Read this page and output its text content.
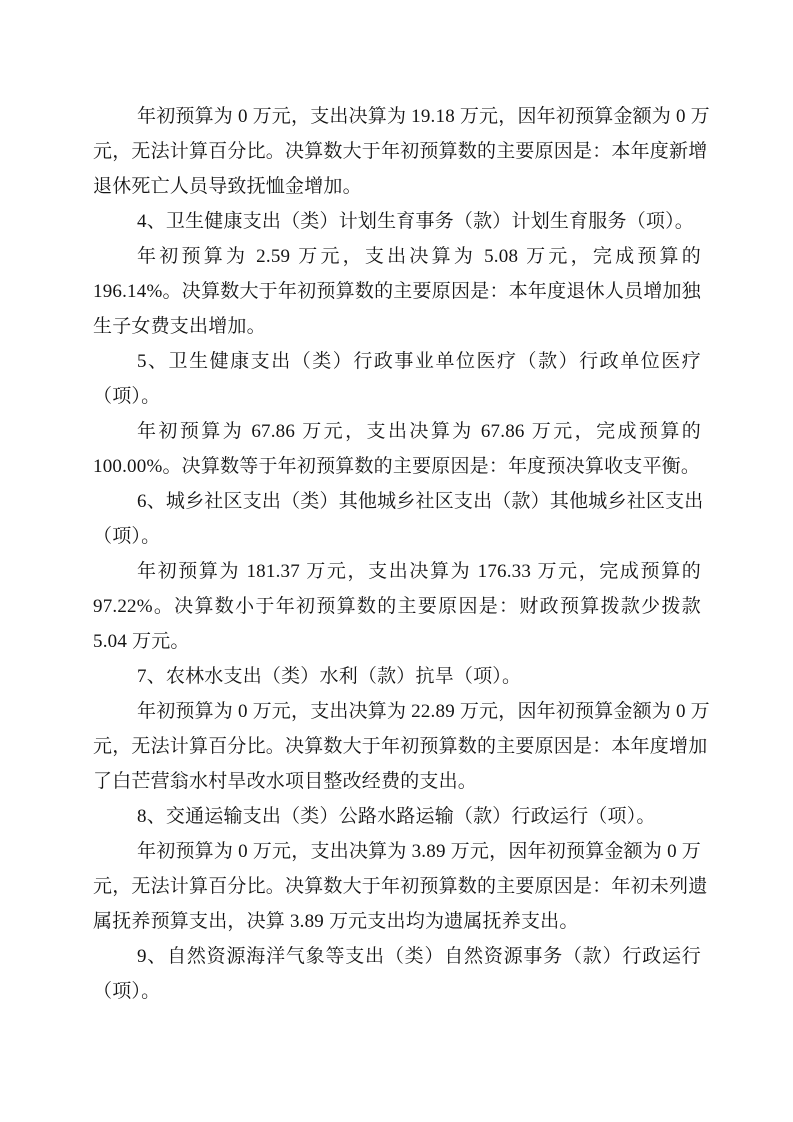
年初预算为 0 万元，支出决算为 19.18 万元，因年初预算金额为 0 万
元，无法计算百分比。决算数大于年初预算数的主要原因是：本年度新增
退休死亡人员导致抚恤金增加。
4、卫生健康支出（类）计划生育事务（款）计划生育服务（项）。
年初预算为 2.59 万元，支出决算为 5.08 万元，完成预算的
196.14%。决算数大于年初预算数的主要原因是：本年度退休人员增加独
生子女费支出增加。
5、卫生健康支出（类）行政事业单位医疗（款）行政单位医疗
（项）。
年初预算为 67.86 万元，支出决算为 67.86 万元，完成预算的
100.00%。决算数等于年初预算数的主要原因是：年度预决算收支平衡。
6、城乡社区支出（类）其他城乡社区支出（款）其他城乡社区支出
（项）。
年初预算为 181.37 万元，支出决算为 176.33 万元，完成预算的
97.22%。决算数小于年初预算数的主要原因是：财政预算拨款少拨款
5.04 万元。
7、农林水支出（类）水利（款）抗旱（项）。
年初预算为 0 万元，支出决算为 22.89 万元，因年初预算金额为 0 万
元，无法计算百分比。决算数大于年初预算数的主要原因是：本年度增加
了白芒营翁水村旱改水项目整改经费的支出。
8、交通运输支出（类）公路水路运输（款）行政运行（项）。
年初预算为 0 万元，支出决算为 3.89 万元，因年初预算金额为 0 万
元，无法计算百分比。决算数大于年初预算数的主要原因是：年初未列遗
属抚养预算支出，决算 3.89 万元支出均为遗属抚养支出。
9、自然资源海洋气象等支出（类）自然资源事务（款）行政运行
（项）。
